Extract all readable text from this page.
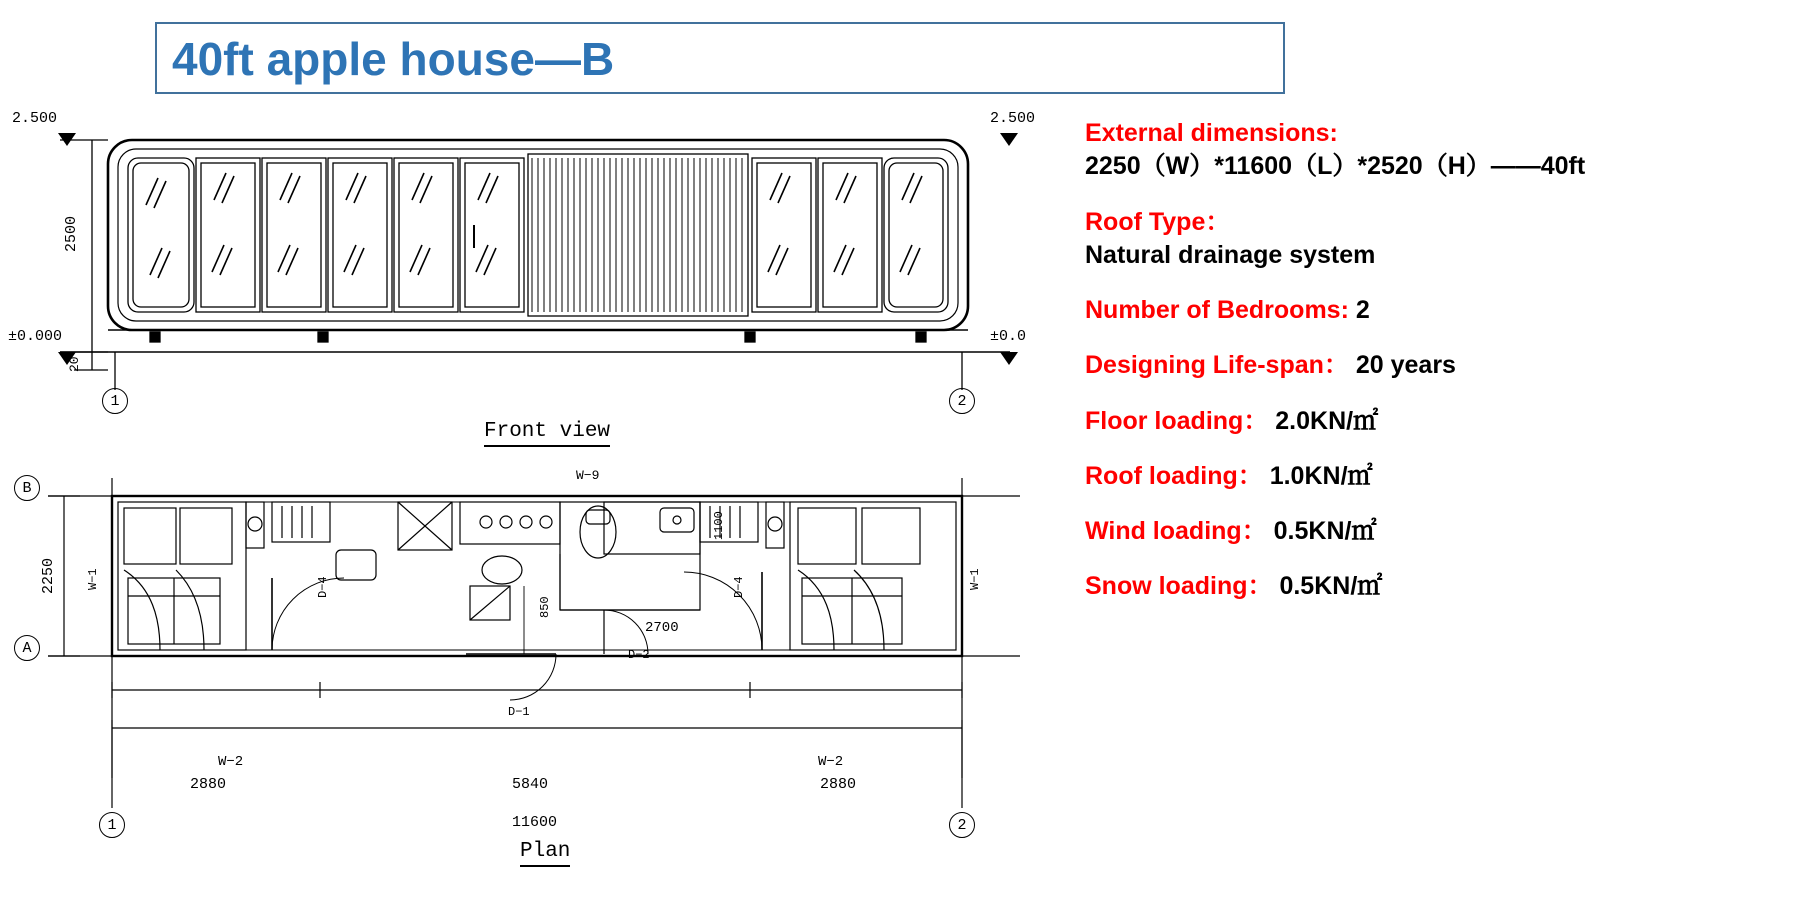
40ft apple house—B
2500
20
2.500	2.500
±0.000	±0.0
1	2
Front view
2250 W−1	W−1
1100
850
D−4	D−4
W−9
2700
D−2
D−1
W−2	W−2
2880	5840	2880
11600
B
A
1	2
Plan
External dimensions:
2250（W）*11600（L）*2520（H）——40ft
Roof Type：
Natural drainage system
Number of Bedrooms: 2
Designing Life-span： 20 years
Floor loading： 2.0KN/㎡
Roof loading： 1.0KN/㎡
Wind loading： 0.5KN/㎡
Snow loading： 0.5KN/㎡
